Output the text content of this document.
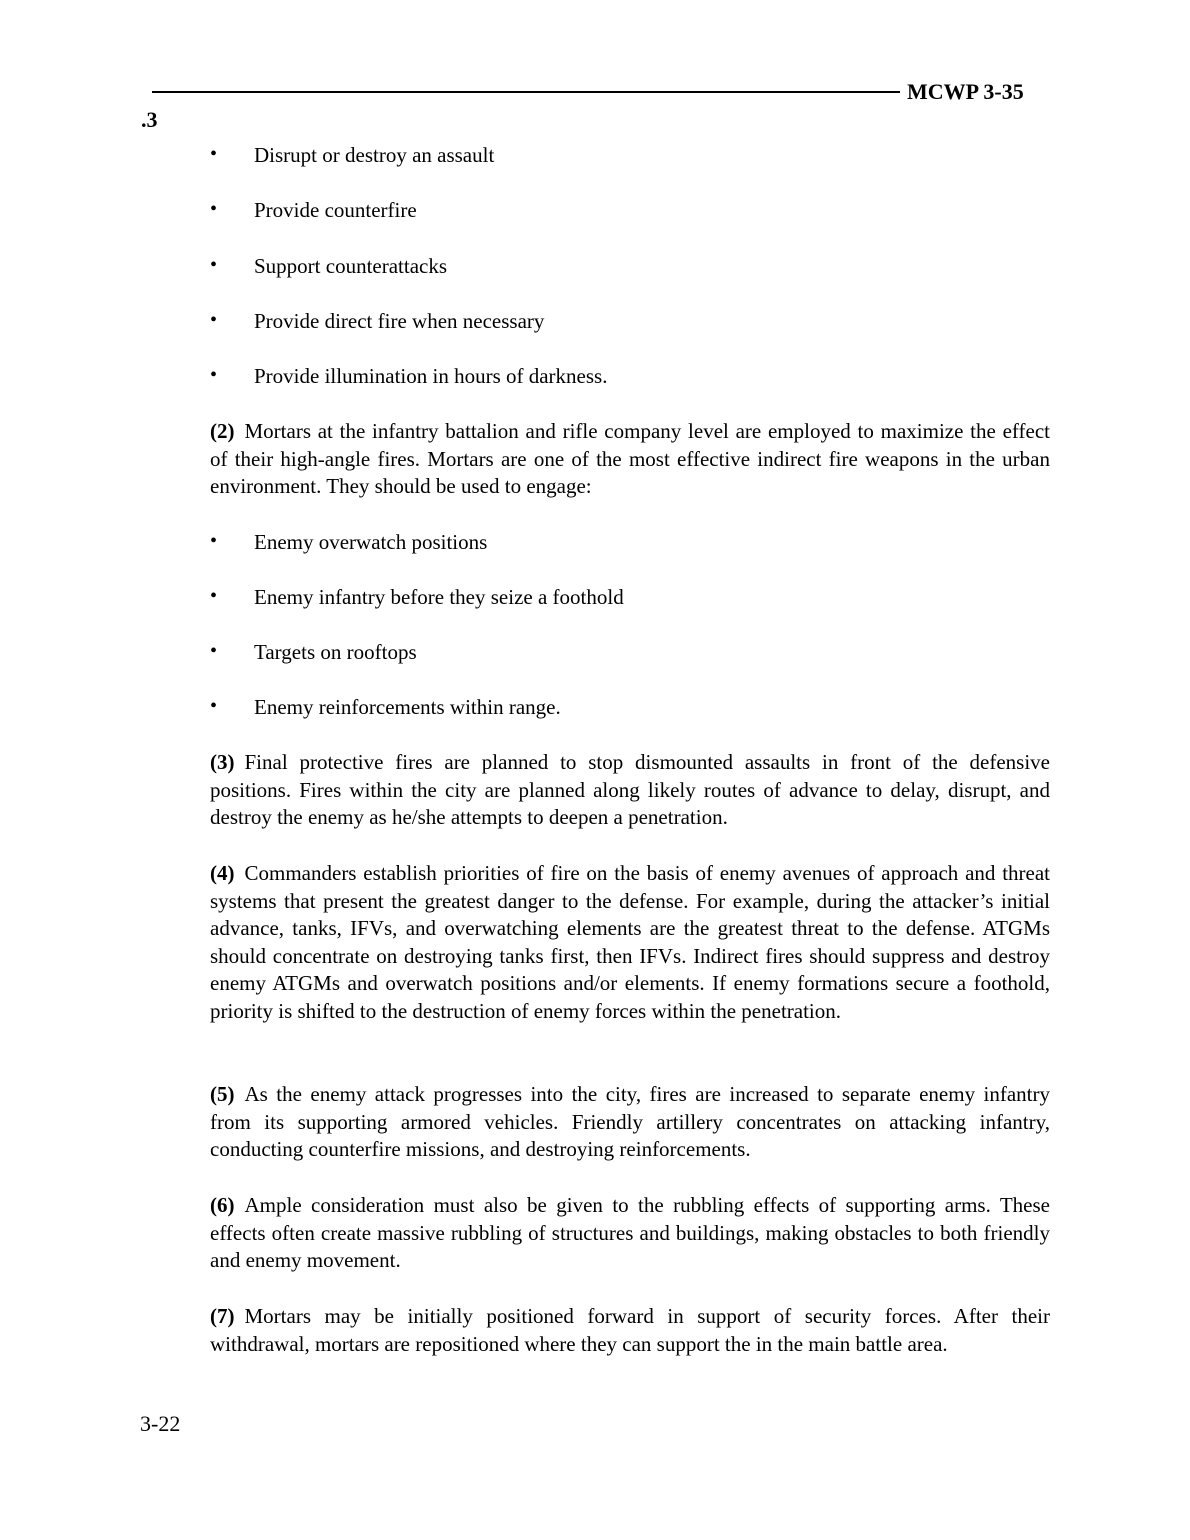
MCWP 3-35
.3
•	Disrupt or destroy an assault
•	Provide counterfire
•	Support counterattacks
•	Provide direct fire when necessary
•	Provide illumination in hours of darkness.

(2) Mortars at the infantry battalion and rifle company level are employed to maximize the effect of their high-angle fires. Mortars are one of the most effective indirect fire weapons in the urban environment. They should be used to engage:

•	Enemy overwatch positions
•	Enemy infantry before they seize a foothold
•	Targets on rooftops
•	Enemy reinforcements within range.

(3) Final protective fires are planned to stop dismounted assaults in front of the defensive positions. Fires within the city are planned along likely routes of advance to delay, disrupt, and destroy the enemy as he/she attempts to deepen a penetration.

(4) Commanders establish priorities of fire on the basis of enemy avenues of approach and threat systems that present the greatest danger to the defense. For example, during the attacker’s initial advance, tanks, IFVs, and overwatching elements are the greatest threat to the defense. ATGMs should concentrate on destroying tanks first, then IFVs. Indirect fires should suppress and destroy enemy ATGMs and overwatch positions and/or elements. If enemy formations secure a foothold, priority is shifted to the destruction of enemy forces within the penetration.

(5) As the enemy attack progresses into the city, fires are increased to separate enemy infantry from its supporting armored vehicles. Friendly artillery concentrates on attacking infantry, conducting counterfire missions, and destroying reinforcements.

(6) Ample consideration must also be given to the rubbling effects of supporting arms. These effects often create massive rubbling of structures and buildings, making obstacles to both friendly and enemy movement.

(7) Mortars may be initially positioned forward in support of security forces. After their withdrawal, mortars are repositioned where they can support the in the main battle area.

3-22
